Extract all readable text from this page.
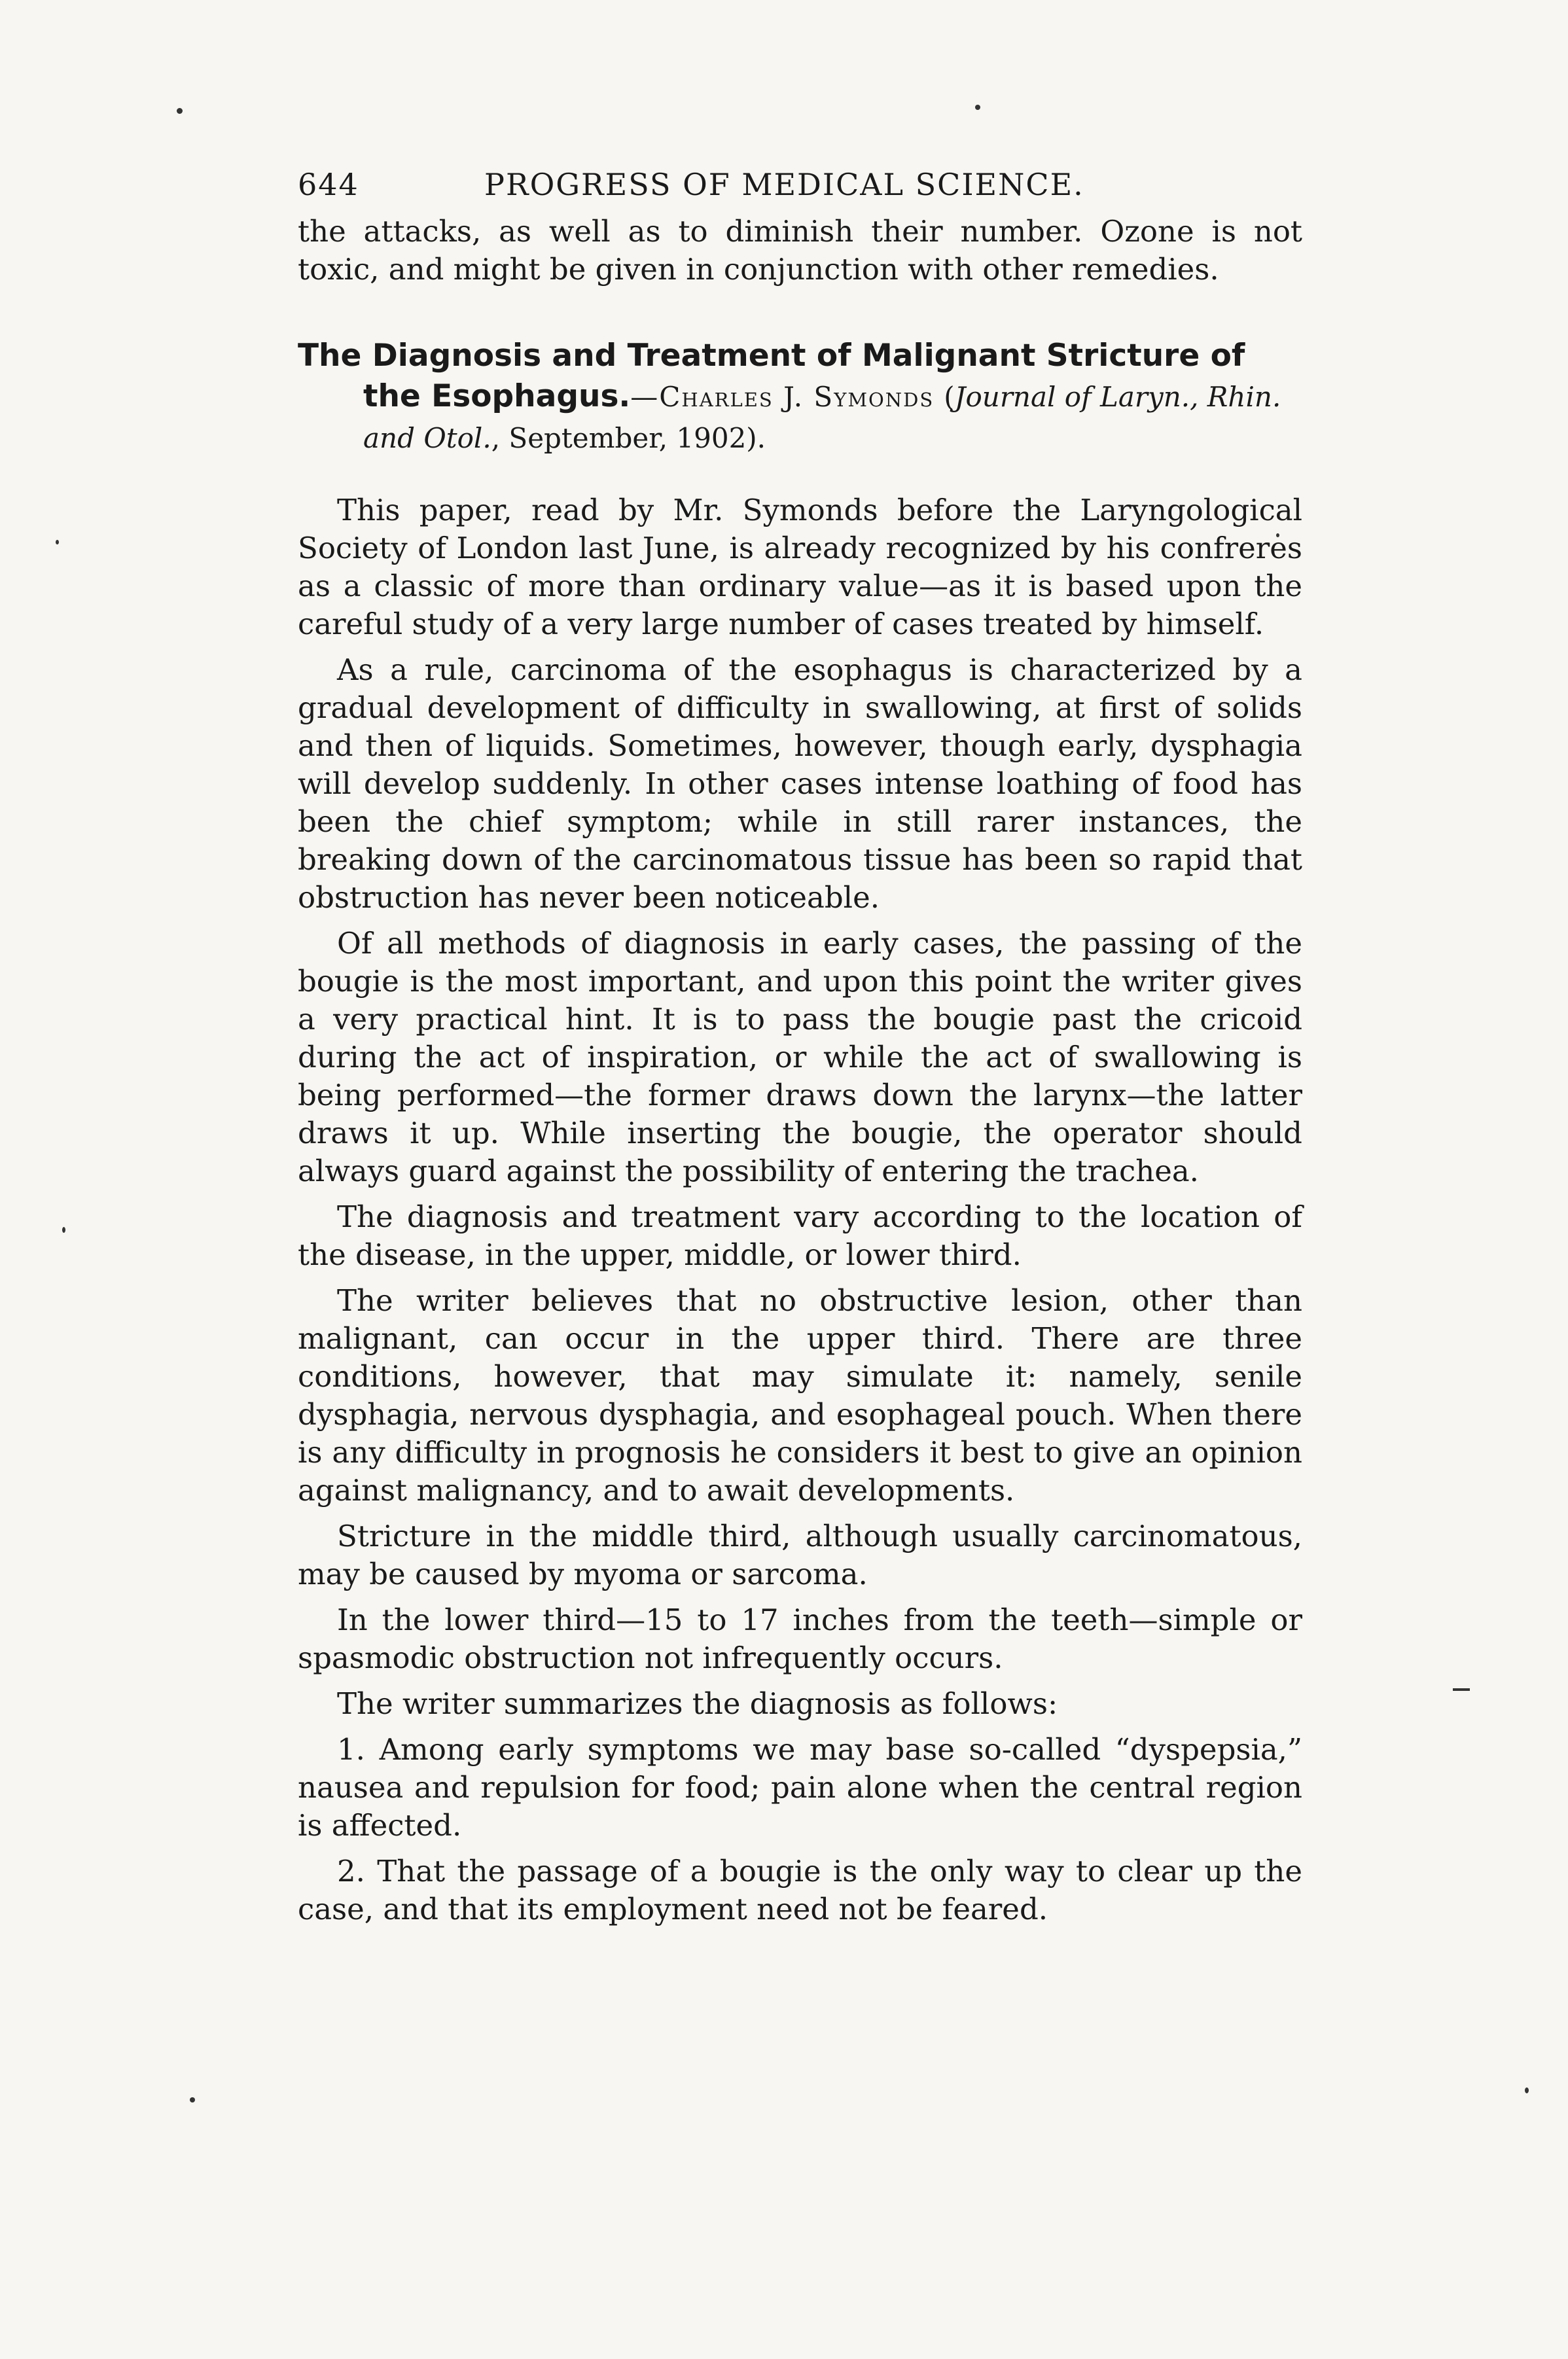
644	PROGRESS OF MEDICAL SCIENCE.

the attacks, as well as to diminish their number. Ozone is not toxic, and might be given in conjunction with other remedies.

The Diagnosis and Treatment of Malignant Stricture of the Esophagus.—Charles J. Symonds (Journal of Laryn., Rhin. and Otol., September, 1902).

This paper, read by Mr. Symonds before the Laryngological Society of London last June, is already recognized by his confreres as a classic of more than ordinary value—as it is based upon the careful study of a very large number of cases treated by himself.

As a rule, carcinoma of the esophagus is characterized by a gradual development of difficulty in swallowing, at first of solids and then of liquids. Sometimes, however, though early, dysphagia will develop suddenly. In other cases intense loathing of food has been the chief symptom; while in still rarer instances, the breaking down of the carcinomatous tissue has been so rapid that obstruction has never been noticeable.

Of all methods of diagnosis in early cases, the passing of the bougie is the most important, and upon this point the writer gives a very practical hint. It is to pass the bougie past the cricoid during the act of inspiration, or while the act of swallowing is being performed—the former draws down the larynx—the latter draws it up. While inserting the bougie, the operator should always guard against the possibility of entering the trachea.

The diagnosis and treatment vary according to the location of the disease, in the upper, middle, or lower third.

The writer believes that no obstructive lesion, other than malignant, can occur in the upper third. There are three conditions, however, that may simulate it: namely, senile dysphagia, nervous dysphagia, and esophageal pouch. When there is any difficulty in prognosis he considers it best to give an opinion against malignancy, and to await developments.

Stricture in the middle third, although usually carcinomatous, may be caused by myoma or sarcoma.

In the lower third—15 to 17 inches from the teeth—simple or spasmodic obstruction not infrequently occurs.

The writer summarizes the diagnosis as follows:

1. Among early symptoms we may base so-called “dyspepsia,” nausea and repulsion for food; pain alone when the central region is affected.

2. That the passage of a bougie is the only way to clear up the case, and that its employment need not be feared.
